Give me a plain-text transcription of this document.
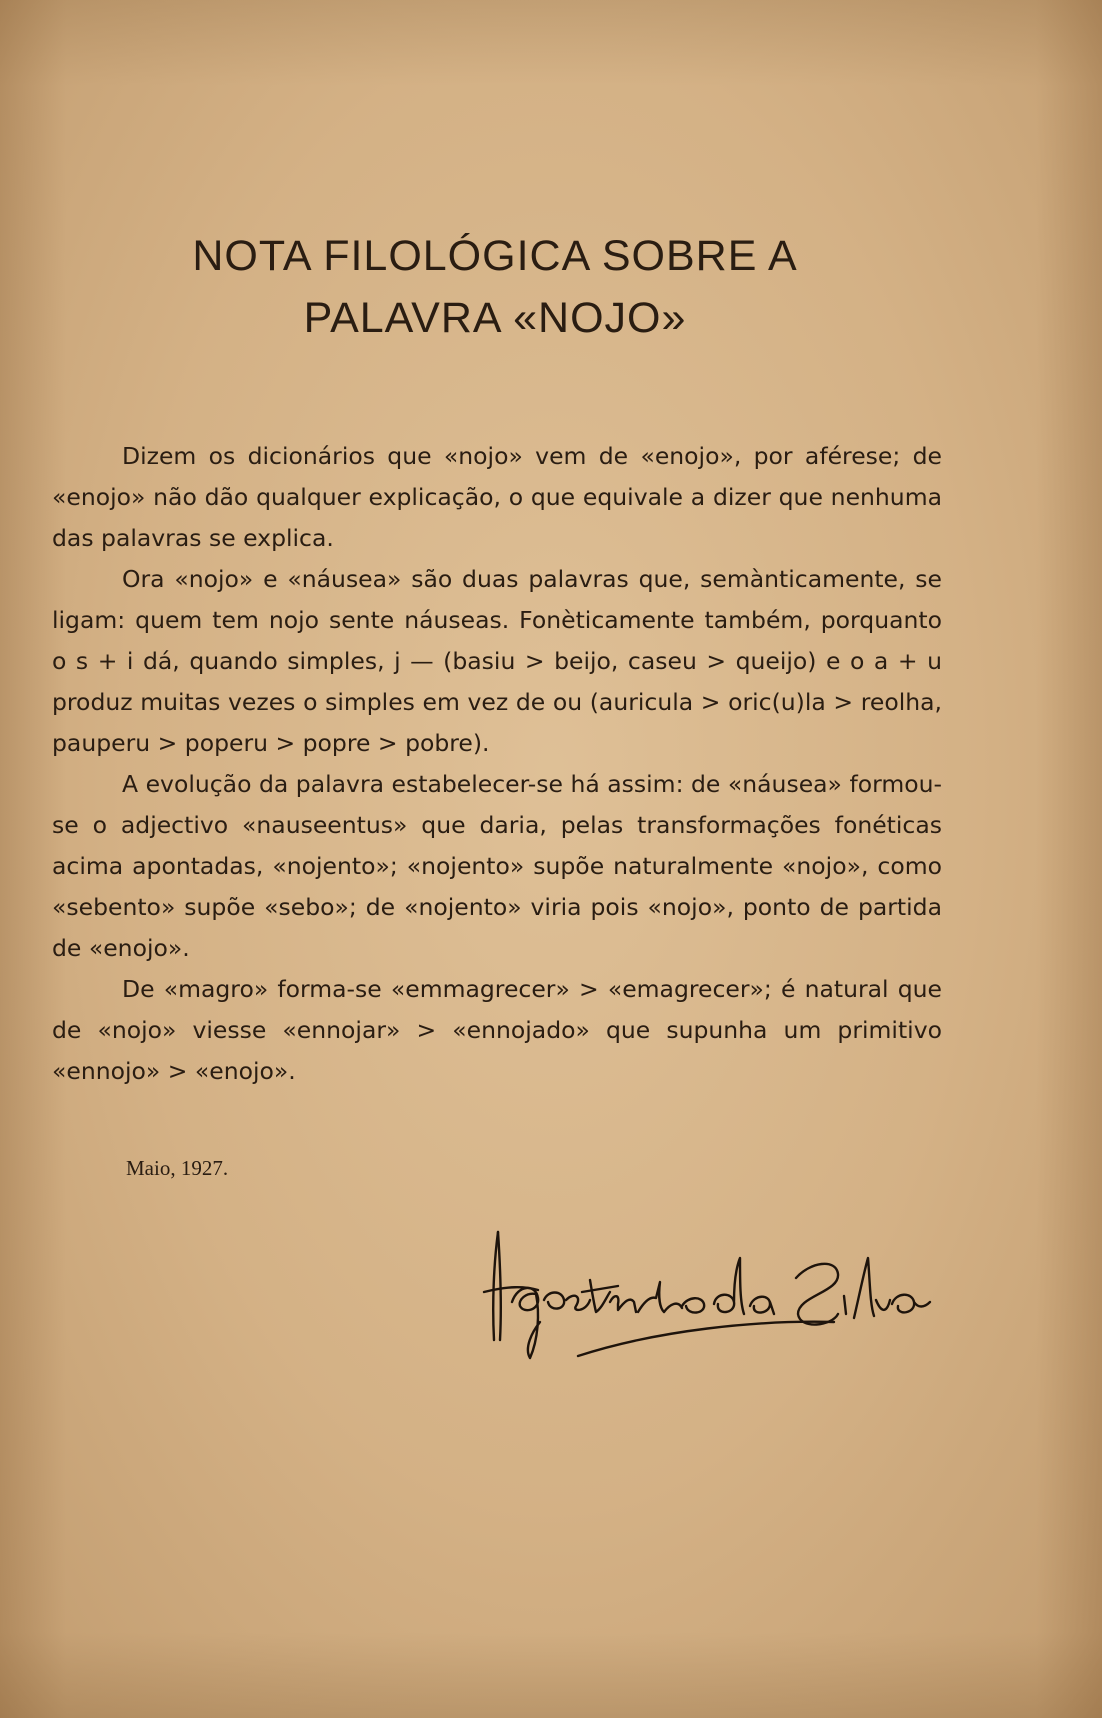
NOTA FILOLÓGICA SOBRE A
PALAVRA «NOJO»

Dizem os dicionários que «nojo» vem de «enojo», por aférese; de «enojo» não dão qualquer explicação, o que equivale a dizer que nenhuma das palavras se explica.

Ora «nojo» e «náusea» são duas palavras que, semànticamente, se ligam: quem tem nojo sente náuseas. Fonèticamente também, porquanto o s + i dá, quando simples, j — (basiu > beijo, caseu > queijo) e o a + u produz muitas vezes o simples em vez de ou (auricula > oric(u)la > reolha, pauperu > poperu > popre > pobre).

A evolução da palavra estabelecer-se há assim: de «náusea» formou-se o adjectivo «nauseentus» que daria, pelas transformações fonéticas acima apontadas, «nojento»; «nojento» supõe naturalmente «nojo», como «sebento» supõe «sebo»; de «nojento» viria pois «nojo», ponto de partida de «enojo».

De «magro» forma-se «emmagrecer» > «emagrecer»; é natural que de «nojo» viesse «ennojar» > «ennojado» que supunha um primitivo «ennojo» > «enojo».

Maio, 1927.
